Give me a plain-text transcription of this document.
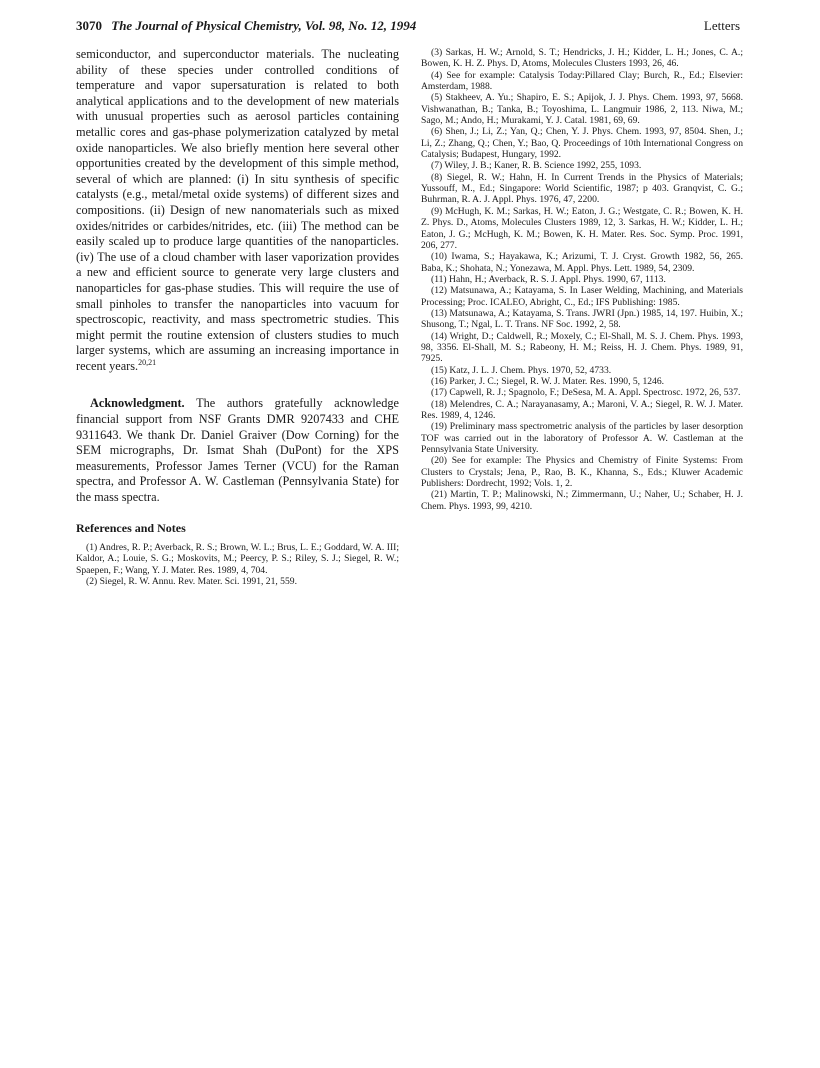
3070 The Journal of Physical Chemistry, Vol. 98, No. 12, 1994	Letters

semiconductor, and superconductor materials. The nucleating ability of these species under controlled conditions of temperature and vapor supersaturation is related to both analytical applications and to the development of new materials with unusual properties such as aerosol particles containing metallic cores and gas-phase polymerization catalyzed by metal oxide nanoparticles. We also briefly mention here several other opportunities created by the development of this simple method, several of which are planned: (i) In situ synthesis of specific catalysts (e.g., metal/metal oxide systems) of different sizes and compositions. (ii) Design of new nanomaterials such as mixed oxides/nitrides or carbides/nitrides, etc. (iii) The method can be easily scaled up to produce large quantities of the nanoparticles. (iv) The use of a cloud chamber with laser vaporization provides a new and efficient source to generate very large clusters and nanoparticles for gas-phase studies. This will require the use of small pinholes to transfer the nanoparticles into vacuum for spectroscopic, reactivity, and mass spectrometric studies. This might permit the routine extension of clusters studies to much larger systems, which are assuming an increasing importance in recent years.$^{20,21}$

Acknowledgment. The authors gratefully acknowledge financial support from NSF Grants DMR 9207433 and CHE 9311643. We thank Dr. Daniel Graiver (Dow Corning) for the SEM micrographs, Dr. Ismat Shah (DuPont) for the XPS measurements, Professor James Terner (VCU) for the Raman spectra, and Professor A. W. Castleman (Pennsylvania State) for the mass spectra.

References and Notes

(1) Andres, R. P.; Averback, R. S.; Brown, W. L.; Brus, L. E.; Goddard, W. A. III; Kaldor, A.; Louie, S. G.; Moskovits, M.; Peercy, P. S.; Riley, S. J.; Siegel, R. W.; Spaepen, F.; Wang, Y. J. Mater. Res. 1989, 4, 704.

(2) Siegel, R. W. Annu. Rev. Mater. Sci. 1991, 21, 559.

(3) Sarkas, H. W.; Arnold, S. T.; Hendricks, J. H.; Kidder, L. H.; Jones, C. A.; Bowen, K. H. Z. Phys. D, Atoms, Molecules Clusters 1993, 26, 46.

(4) See for example: Catalysis Today:Pillared Clay; Burch, R., Ed.; Elsevier: Amsterdam, 1988.

(5) Stakheev, A. Yu.; Shapiro, E. S.; Apijok, J. J. Phys. Chem. 1993, 97, 5668. Vishwanathan, B.; Tanka, B.; Toyoshima, L. Langmuir 1986, 2, 113. Niwa, M.; Sago, M.; Ando, H.; Murakami, Y. J. Catal. 1981, 69, 69.

(6) Shen, J.; Li, Z.; Yan, Q.; Chen, Y. J. Phys. Chem. 1993, 97, 8504. Shen, J.; Li, Z.; Zhang, Q.; Chen, Y.; Bao, Q. Proceedings of 10th International Congress on Catalysis; Budapest, Hungary, 1992.

(7) Wiley, J. B.; Kaner, R. B. Science 1992, 255, 1093.

(8) Siegel, R. W.; Hahn, H. In Current Trends in the Physics of Materials; Yussouff, M., Ed.; Singapore: World Scientific, 1987; p 403. Granqvist, C. G.; Buhrman, R. A. J. Appl. Phys. 1976, 47, 2200.

(9) McHugh, K. M.; Sarkas, H. W.; Eaton, J. G.; Westgate, C. R.; Bowen, K. H. Z. Phys. D., Atoms, Molecules Clusters 1989, 12, 3. Sarkas, H. W.; Kidder, L. H.; Eaton, J. G.; McHugh, K. M.; Bowen, K. H. Mater. Res. Soc. Symp. Proc. 1991, 206, 277.

(10) Iwama, S.; Hayakawa, K.; Arizumi, T. J. Cryst. Growth 1982, 56, 265. Baba, K.; Shohata, N.; Yonezawa, M. Appl. Phys. Lett. 1989, 54, 2309.

(11) Hahn, H.; Averback, R. S. J. Appl. Phys. 1990, 67, 1113.

(12) Matsunawa, A.; Katayama, S. In Laser Welding, Machining, and Materials Processing; Proc. ICALEO, Abright, C., Ed.; IFS Publishing: 1985.

(13) Matsunawa, A.; Katayama, S. Trans. JWRI (Jpn.) 1985, 14, 197. Huibin, X.; Shusong, T.; Ngal, L. T. Trans. NF Soc. 1992, 2, 58.

(14) Wright, D.; Caldwell, R.; Moxely, C.; El-Shall, M. S. J. Chem. Phys. 1993, 98, 3356. El-Shall, M. S.; Rabeony, H. M.; Reiss, H. J. Chem. Phys. 1989, 91, 7925.

(15) Katz, J. L. J. Chem. Phys. 1970, 52, 4733.

(16) Parker, J. C.; Siegel, R. W. J. Mater. Res. 1990, 5, 1246.

(17) Capwell, R. J.; Spagnolo, F.; DeSesa, M. A. Appl. Spectrosc. 1972, 26, 537.

(18) Melendres, C. A.; Narayanasamy, A.; Maroni, V. A.; Siegel, R. W. J. Mater. Res. 1989, 4, 1246.

(19) Preliminary mass spectrometric analysis of the particles by laser desorption TOF was carried out in the laboratory of Professor A. W. Castleman at the Pennsylvania State University.

(20) See for example: The Physics and Chemistry of Finite Systems: From Clusters to Crystals; Jena, P., Rao, B. K., Khanna, S., Eds.; Kluwer Academic Publishers: Dordrecht, 1992; Vols. 1, 2.

(21) Martin, T. P.; Malinowski, N.; Zimmermann, U.; Naher, U.; Schaber, H. J. Chem. Phys. 1993, 99, 4210.
